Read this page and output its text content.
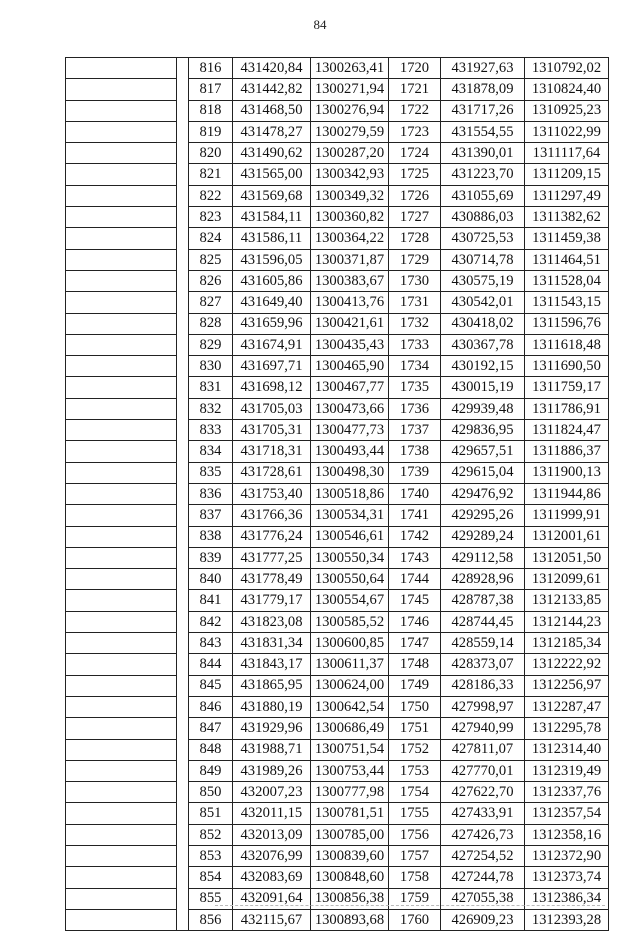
84
		816	431420,84	1300263,41	1720	431927,63	1310792,02
		817	431442,82	1300271,94	1721	431878,09	1310824,40
		818	431468,50	1300276,94	1722	431717,26	1310925,23
		819	431478,27	1300279,59	1723	431554,55	1311022,99
		820	431490,62	1300287,20	1724	431390,01	1311117,64
		821	431565,00	1300342,93	1725	431223,70	1311209,15
		822	431569,68	1300349,32	1726	431055,69	1311297,49
		823	431584,11	1300360,82	1727	430886,03	1311382,62
		824	431586,11	1300364,22	1728	430725,53	1311459,38
		825	431596,05	1300371,87	1729	430714,78	1311464,51
		826	431605,86	1300383,67	1730	430575,19	1311528,04
		827	431649,40	1300413,76	1731	430542,01	1311543,15
		828	431659,96	1300421,61	1732	430418,02	1311596,76
		829	431674,91	1300435,43	1733	430367,78	1311618,48
		830	431697,71	1300465,90	1734	430192,15	1311690,50
		831	431698,12	1300467,77	1735	430015,19	1311759,17
		832	431705,03	1300473,66	1736	429939,48	1311786,91
		833	431705,31	1300477,73	1737	429836,95	1311824,47
		834	431718,31	1300493,44	1738	429657,51	1311886,37
		835	431728,61	1300498,30	1739	429615,04	1311900,13
		836	431753,40	1300518,86	1740	429476,92	1311944,86
		837	431766,36	1300534,31	1741	429295,26	1311999,91
		838	431776,24	1300546,61	1742	429289,24	1312001,61
		839	431777,25	1300550,34	1743	429112,58	1312051,50
		840	431778,49	1300550,64	1744	428928,96	1312099,61
		841	431779,17	1300554,67	1745	428787,38	1312133,85
		842	431823,08	1300585,52	1746	428744,45	1312144,23
		843	431831,34	1300600,85	1747	428559,14	1312185,34
		844	431843,17	1300611,37	1748	428373,07	1312222,92
		845	431865,95	1300624,00	1749	428186,33	1312256,97
		846	431880,19	1300642,54	1750	427998,97	1312287,47
		847	431929,96	1300686,49	1751	427940,99	1312295,78
		848	431988,71	1300751,54	1752	427811,07	1312314,40
		849	431989,26	1300753,44	1753	427770,01	1312319,49
		850	432007,23	1300777,98	1754	427622,70	1312337,76
		851	432011,15	1300781,51	1755	427433,91	1312357,54
		852	432013,09	1300785,00	1756	427426,73	1312358,16
		853	432076,99	1300839,60	1757	427254,52	1312372,90
		854	432083,69	1300848,60	1758	427244,78	1312373,74
		855	432091,64	1300856,38	1759	427055,38	1312386,34
		856	432115,67	1300893,68	1760	426909,23	1312393,28
